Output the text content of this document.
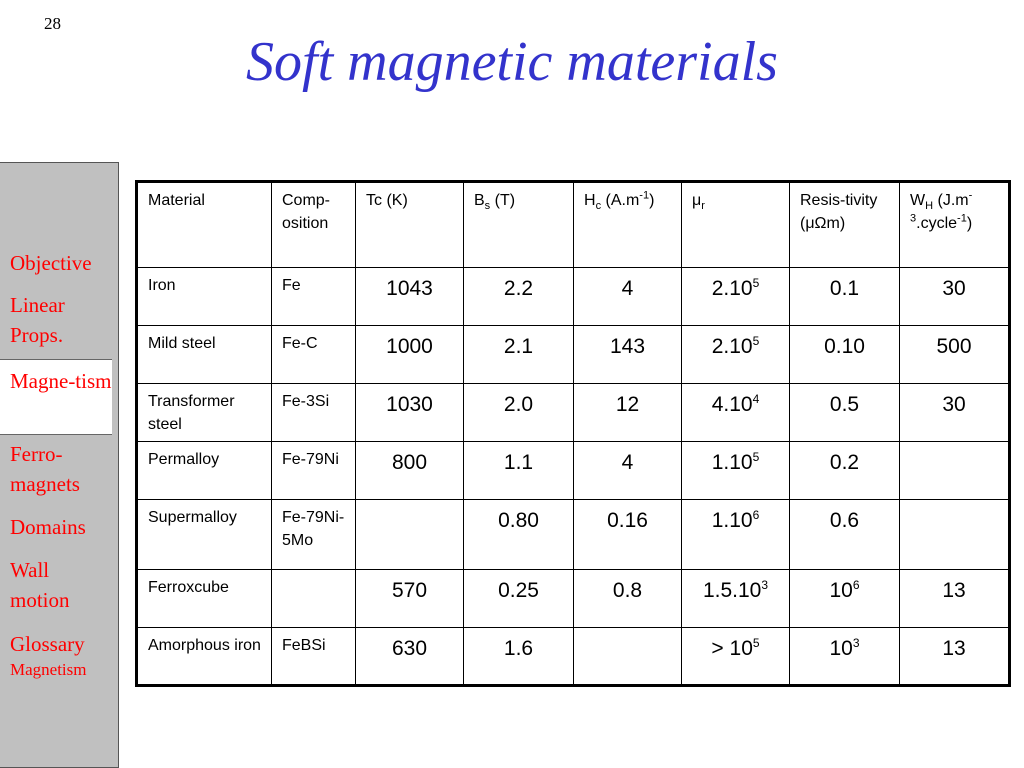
28
Soft magnetic materials
Objective
Linear Props.
Magne-tism
Ferro-magnets
Domains
Wall motion
Glossary
Magnetism
Material	Comp-osition	Tc (K)	$B_s$ (T)	$H_c$ $(A.m^{-1})$	$\mu_r$	Resis-tivity (μΩm)	$W_H$ $(J.m^{-3}.cycle^{-1})$
Iron	Fe	1043	2.2	4	2.10$^5$	0.1	30
Mild steel	Fe-C	1000	2.1	143	2.10$^5$	0.10	500
Transformer steel	Fe-3Si	1030	2.0	12	4.10$^4$	0.5	30
Permalloy	Fe-79Ni	800	1.1	4	1.10$^5$	0.2	
Supermalloy	Fe-79Ni-5Mo		0.80	0.16	1.10$^6$	0.6	
Ferroxcube		570	0.25	0.8	1.5.10$^3$	$10^6$	13
Amorphous iron	FeBSi	630	1.6		> $10^5$	$10^3$	13
